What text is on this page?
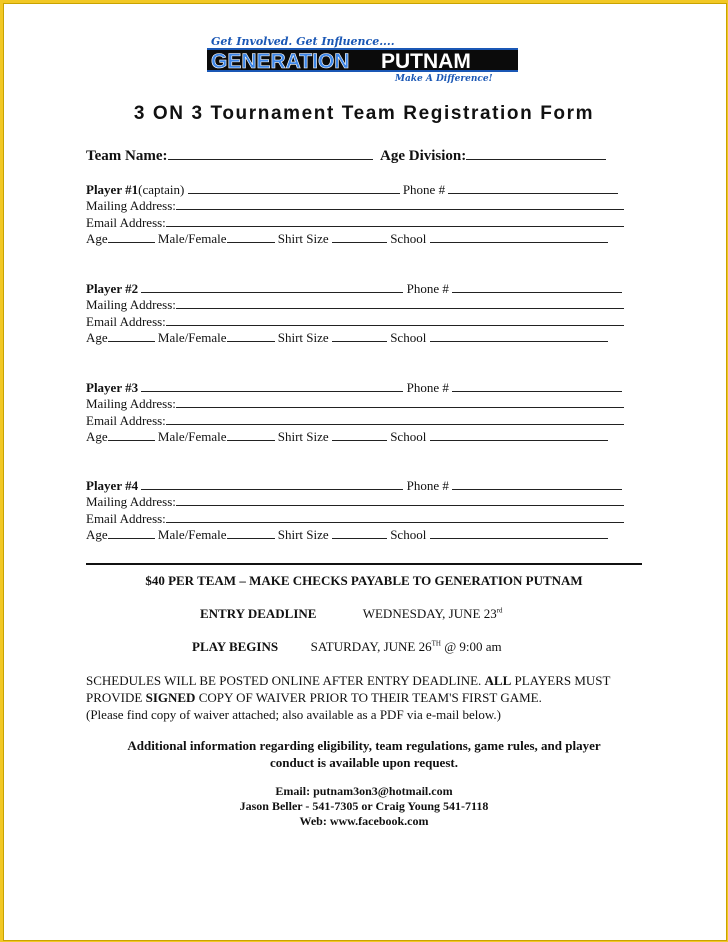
Get Involved. Get Influence....
GENERATION PUTNAM
Make A Difference!
3 ON 3 Tournament Team Registration Form
Team Name:	Age Division:
Player #1(captain)	Phone #
Mailing Address:
Email Address:
Age	Male/Female	Shirt Size	School
Player #2	Phone #
Mailing Address:
Email Address:
Age	Male/Female	Shirt Size	School
Player #3	Phone #
Mailing Address:
Email Address:
Age	Male/Female	Shirt Size	School
Player #4	Phone #
Mailing Address:
Email Address:
Age	Male/Female	Shirt Size	School
$40 PER TEAM – MAKE CHECKS PAYABLE TO GENERATION PUTNAM
ENTRY DEADLINE	WEDNESDAY, JUNE 23rd
PLAY BEGINS	SATURDAY, JUNE 26TH @ 9:00 am
SCHEDULES WILL BE POSTED ONLINE AFTER ENTRY DEADLINE. ALL PLAYERS MUST PROVIDE SIGNED COPY OF WAIVER PRIOR TO THEIR TEAM'S FIRST GAME.
(Please find copy of waiver attached; also available as a PDF via e-mail below.)
Additional information regarding eligibility, team regulations, game rules, and player
conduct is available upon request.
Email: putnam3on3@hotmail.com
Jason Beller - 541-7305 or Craig Young 541-7118
Web: www.facebook.com
